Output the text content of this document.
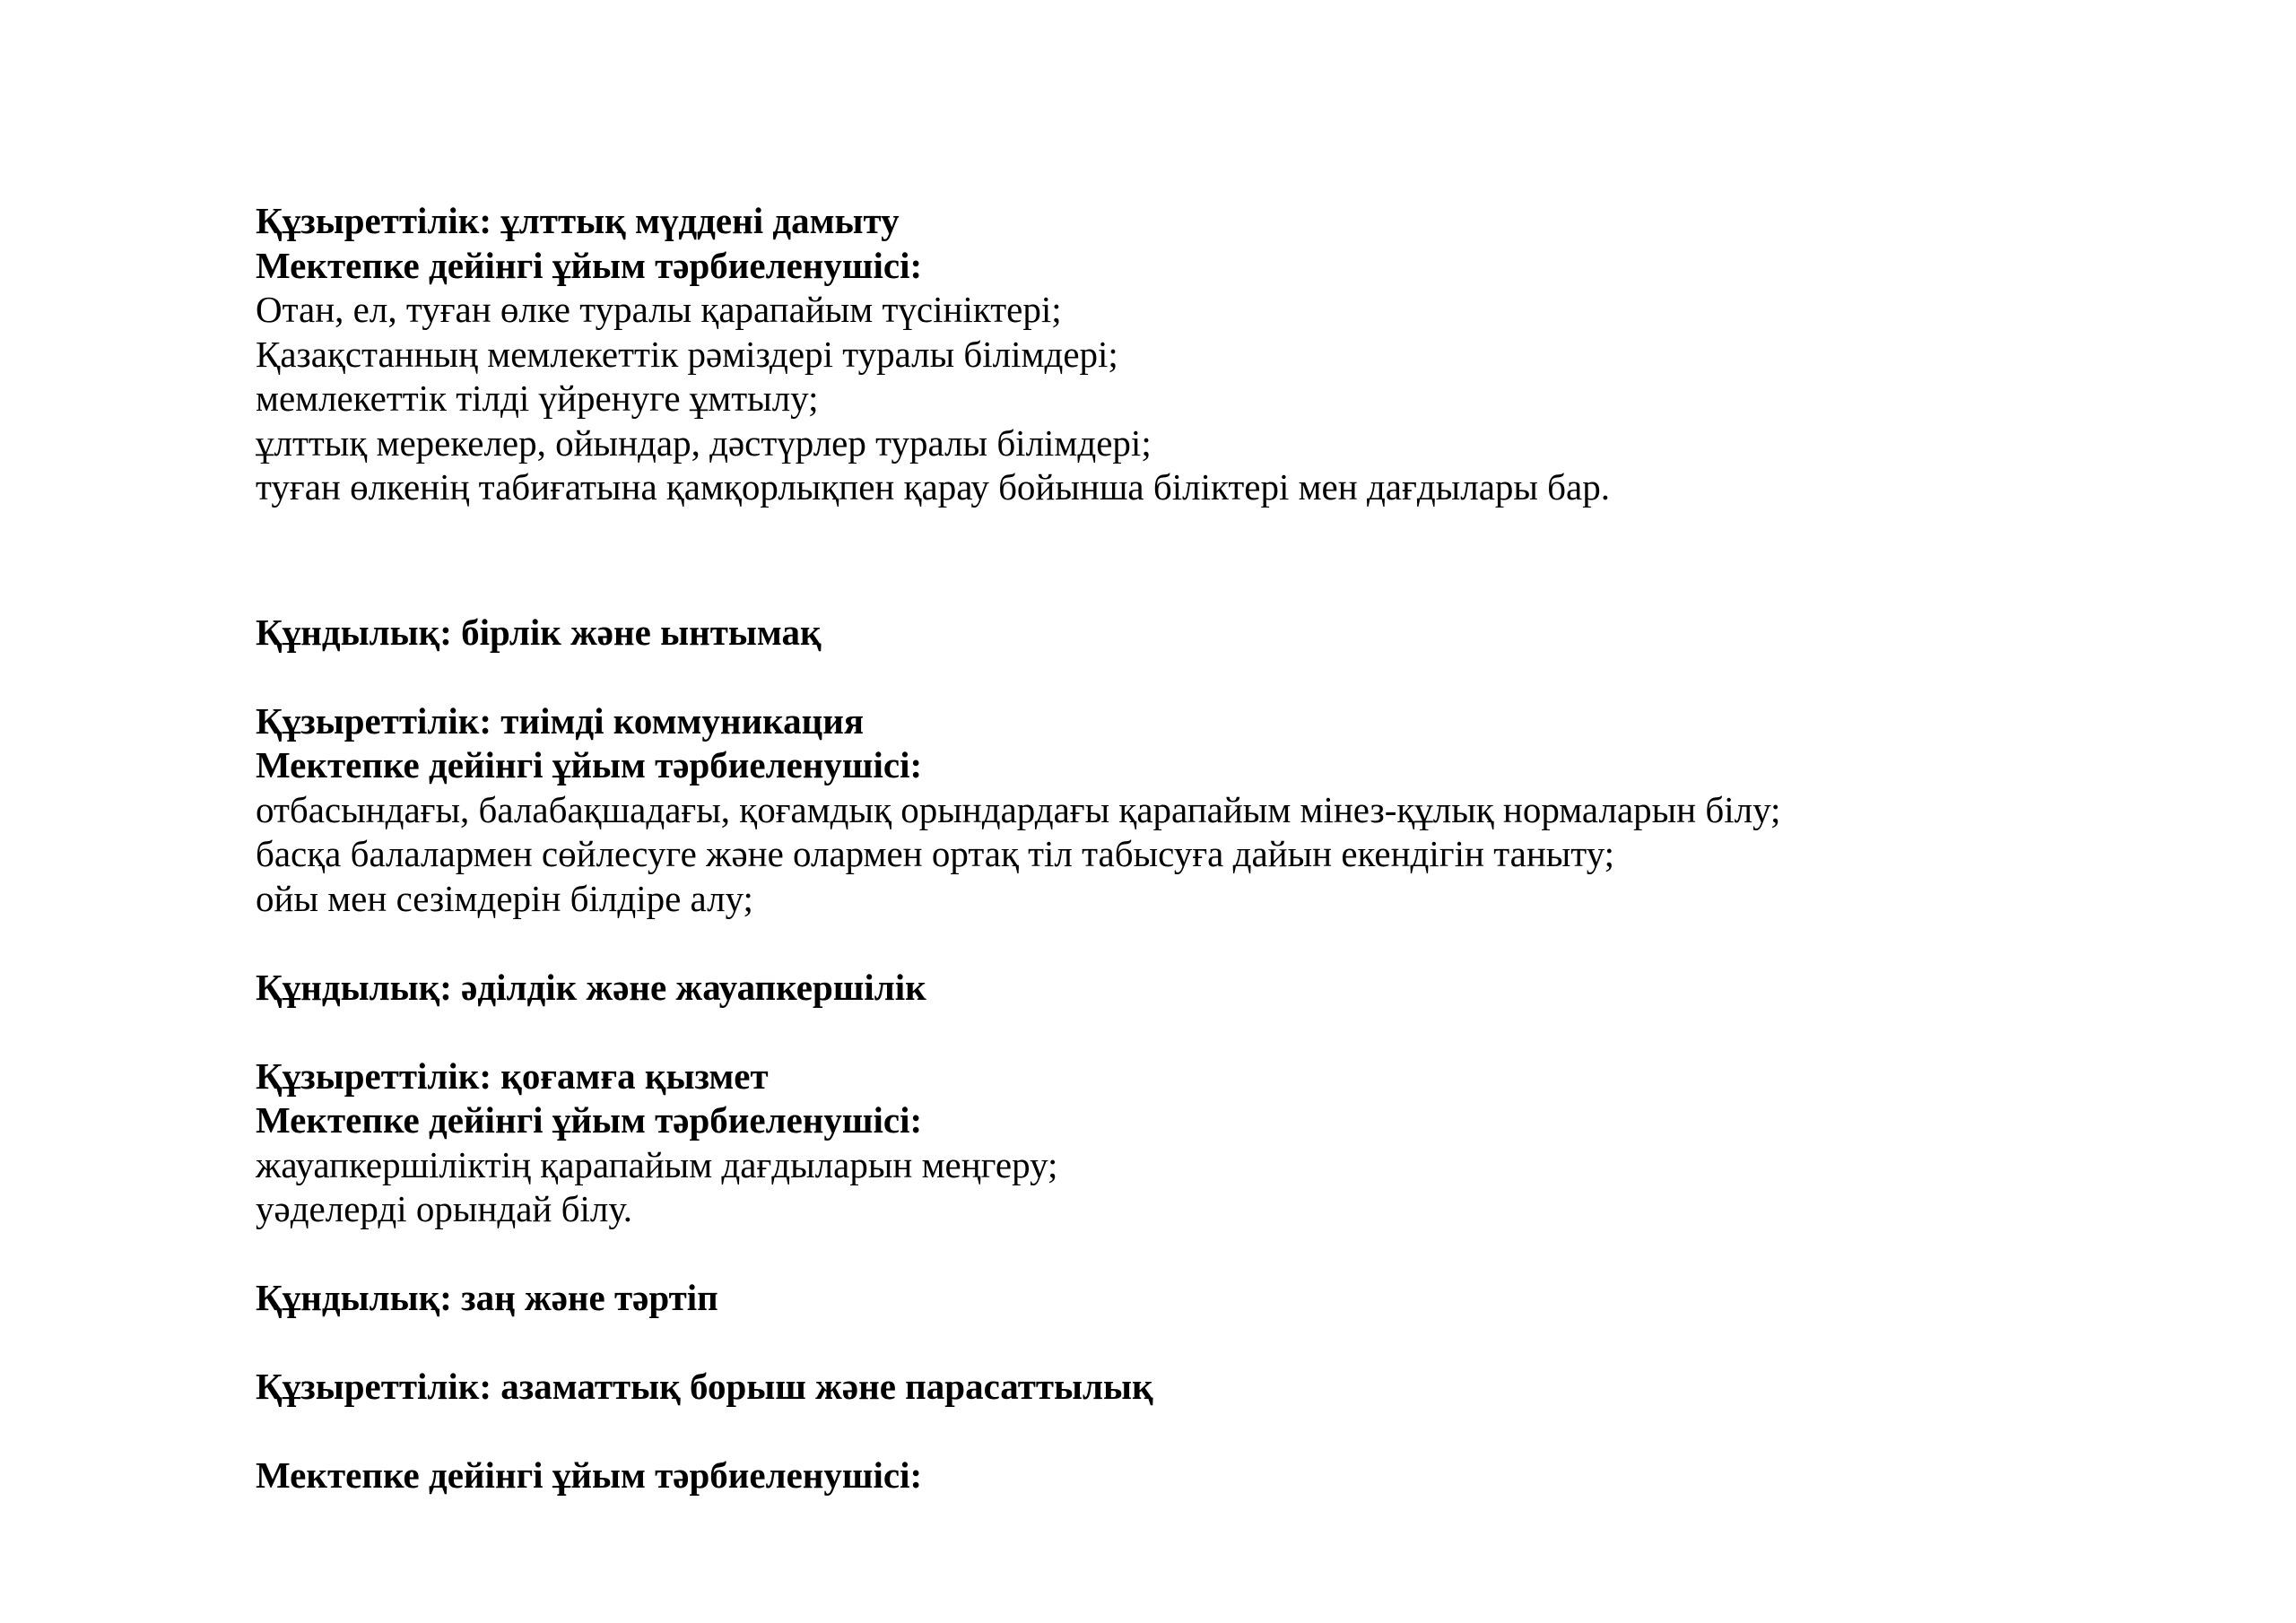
Құзыреттілік: ұлттық мүддені дамыту
Мектепке дейінгі ұйым тәрбиеленушісі:
Отан, ел, туған өлке туралы қарапайым түсініктері;
Қазақстанның мемлекеттік рәміздері туралы білімдері;
мемлекеттік тілді үйренуге ұмтылу;
ұлттық мерекелер, ойындар, дәстүрлер туралы білімдері;
туған өлкенің табиғатына қамқорлықпен қарау бойынша біліктері мен дағдылары бар.
Құндылық: бірлік және ынтымақ
Құзыреттілік: тиімді коммуникация
Мектепке дейінгі ұйым тәрбиеленушісі:
отбасындағы, балабақшадағы, қоғамдық орындардағы қарапайым мінез-құлық нормаларын білу;
басқа балалармен сөйлесуге және олармен ортақ тіл табысуға дайын екендігін таныту;
ойы мен сезімдерін білдіре алу;
Құндылық: әділдік және жауапкершілік
Құзыреттілік: қоғамға қызмет
Мектепке дейінгі ұйым тәрбиеленушісі:
жауапкершіліктің қарапайым дағдыларын меңгеру;
уәделерді орындай білу.
Құндылық: заң және тәртіп
Құзыреттілік: азаматтық борыш және парасаттылық
Мектепке дейінгі ұйым тәрбиеленушісі:
